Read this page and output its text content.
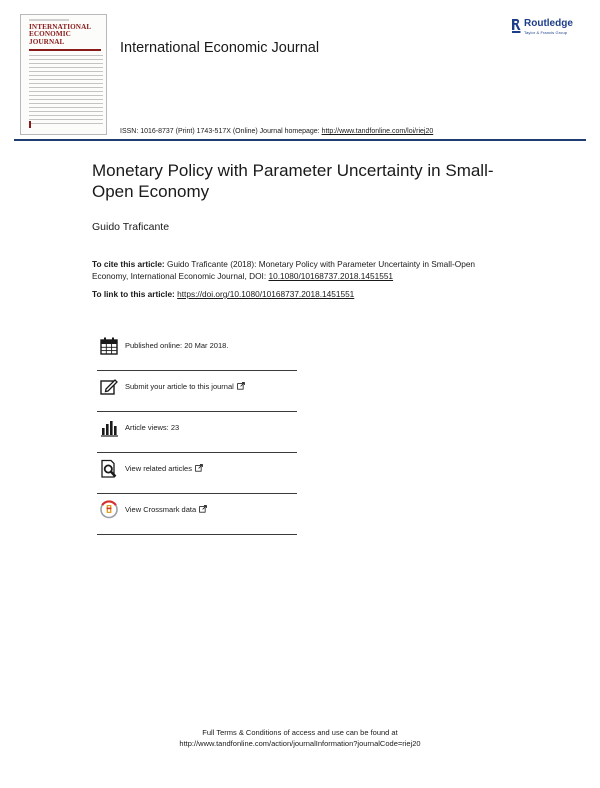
INTERNATIONAL
ECONOMIC
JOURNAL	International Economic Journal
Routledge
Taylor & Francis Group
ISSN: 1016-8737 (Print) 1743-517X (Online) Journal homepage: http://www.tandfonline.com/loi/riej20
Monetary Policy with Parameter Uncertainty in Small-Open Economy
Guido Traficante
To cite this article: Guido Traficante (2018): Monetary Policy with Parameter Uncertainty in Small-Open Economy, International Economic Journal, DOI: 10.1080/10168737.2018.1451551
To link to this article: https://doi.org/10.1080/10168737.2018.1451551
Published online: 20 Mar 2018.
Submit your article to this journal
Article views: 23
View related articles
View Crossmark data
Full Terms & Conditions of access and use can be found at
http://www.tandfonline.com/action/journalInformation?journalCode=riej20
